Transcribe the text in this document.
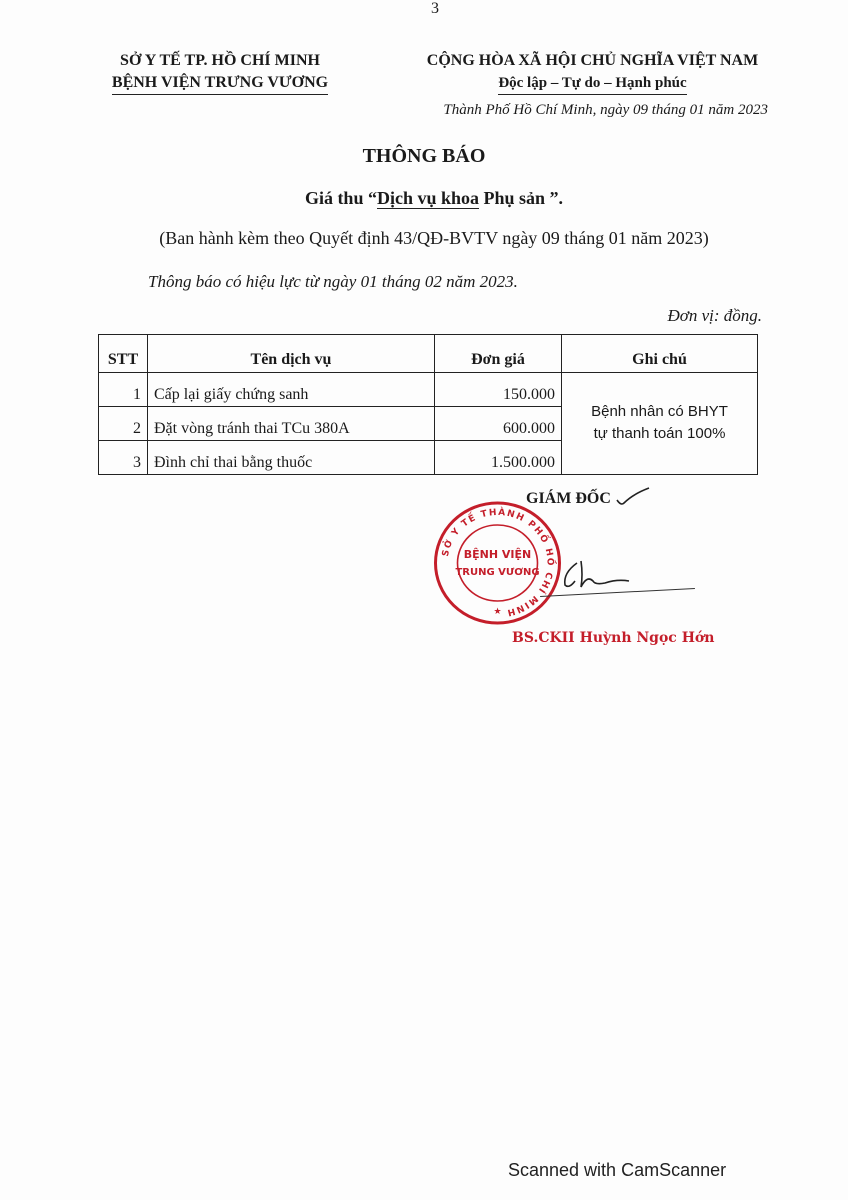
3
SỞ Y TẾ TP. HỒ CHÍ MINH
BỆNH VIỆN TRƯNG VƯƠNG
CỘNG HÒA XÃ HỘI CHỦ NGHĨA VIỆT NAM
Độc lập – Tự do – Hạnh phúc
Thành Phố Hồ Chí Minh, ngày 09 tháng 01 năm 2023
THÔNG BÁO
Giá thu “Dịch vụ khoa Phụ sản ”.
(Ban hành kèm theo Quyết định 43/QĐ-BVTV ngày 09 tháng 01 năm 2023)
Thông báo có hiệu lực từ ngày 01 tháng 02 năm 2023.
Đơn vị: đồng.
STT	Tên dịch vụ	Đơn giá	Ghi chú
1	Cấp lại giấy chứng sanh	150.000	Bệnh nhân có BHYT
tự thanh toán 100%

2	Đặt vòng tránh thai TCu 380A	600.000	
3	Đình chỉ thai bằng thuốc	1.500.000	
GIÁM ĐỐC
SỞ Y TẾ THÀNH PHỐ HỒ CHÍ MINH
BỆNH VIỆN
TRUNG VƯƠNG
★
BS.CKII Huỳnh Ngọc Hớn
Scanned with CamScanner
